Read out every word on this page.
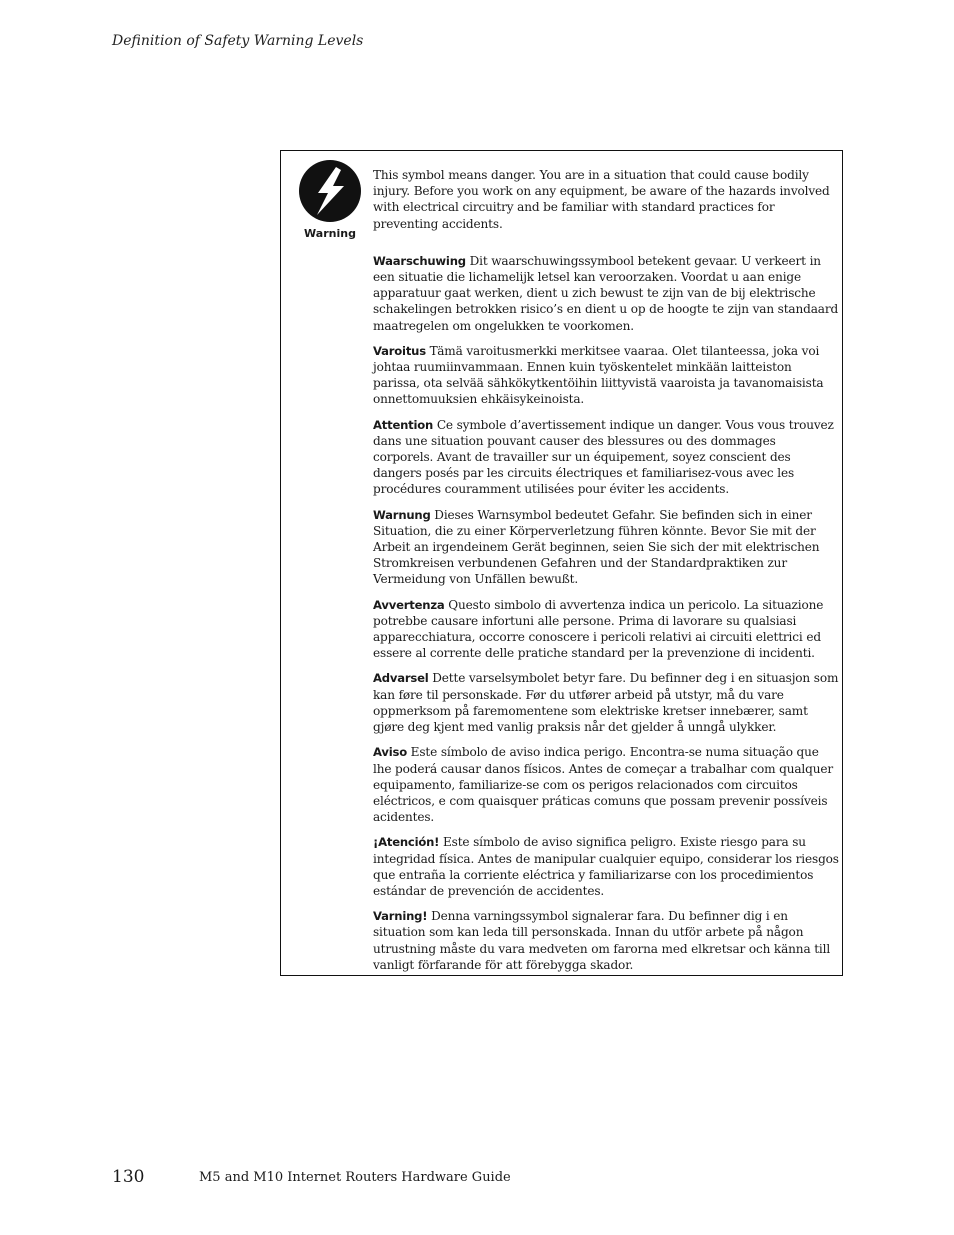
Definition of Safety Warning Levels
Warning

This symbol means danger. You are in a situation that could cause bodily injury. Before you work on any equipment, be aware of the hazards involved with electrical circuitry and be familiar with standard practices for preventing accidents.

Waarschuwing Dit waarschuwingssymbool betekent gevaar. U verkeert in een situatie die lichamelijk letsel kan veroorzaken. Voordat u aan enige apparatuur gaat werken, dient u zich bewust te zijn van de bij elektrische schakelingen betrokken risico’s en dient u op de hoogte te zijn van standaard maatregelen om ongelukken te voorkomen.

Varoitus Tämä varoitusmerkki merkitsee vaaraa. Olet tilanteessa, joka voi johtaa ruumiinvammaan. Ennen kuin työskentelet minkään laitteiston parissa, ota selvää sähkökytkentöihin liittyvistä vaaroista ja tavanomaisista onnettomuuksien ehkäisykeinoista.

Attention Ce symbole d’avertissement indique un danger. Vous vous trouvez dans une situation pouvant causer des blessures ou des dommages corporels. Avant de travailler sur un équipement, soyez conscient des dangers posés par les circuits électriques et familiarisez-vous avec les procédures couramment utilisées pour éviter les accidents.

Warnung Dieses Warnsymbol bedeutet Gefahr. Sie befinden sich in einer Situation, die zu einer Körperverletzung führen könnte. Bevor Sie mit der Arbeit an irgendeinem Gerät beginnen, seien Sie sich der mit elektrischen Stromkreisen verbundenen Gefahren und der Standardpraktiken zur Vermeidung von Unfällen bewußt.

Avvertenza Questo simbolo di avvertenza indica un pericolo. La situazione potrebbe causare infortuni alle persone. Prima di lavorare su qualsiasi apparecchiatura, occorre conoscere i pericoli relativi ai circuiti elettrici ed essere al corrente delle pratiche standard per la prevenzione di incidenti.

Advarsel Dette varselsymbolet betyr fare. Du befinner deg i en situasjon som kan føre til personskade. Før du utfører arbeid på utstyr, må du vare oppmerksom på faremomentene som elektriske kretser innebærer, samt gjøre deg kjent med vanlig praksis når det gjelder å unngå ulykker.

Aviso Este símbolo de aviso indica perigo. Encontra-se numa situação que lhe poderá causar danos físicos. Antes de começar a trabalhar com qualquer equipamento, familiarize-se com os perigos relacionados com circuitos eléctricos, e com quaisquer práticas comuns que possam prevenir possíveis acidentes.

¡Atención! Este símbolo de aviso significa peligro. Existe riesgo para su integridad física. Antes de manipular cualquier equipo, considerar los riesgos que entraña la corriente eléctrica y familiarizarse con los procedimientos estándar de prevención de accidentes.

Varning! Denna varningssymbol signalerar fara. Du befinner dig i en situation som kan leda till personskada. Innan du utför arbete på någon utrustning måste du vara medveten om farorna med elkretsar och känna till vanligt förfarande för att förebygga skador.

130	M5 and M10 Internet Routers Hardware Guide
